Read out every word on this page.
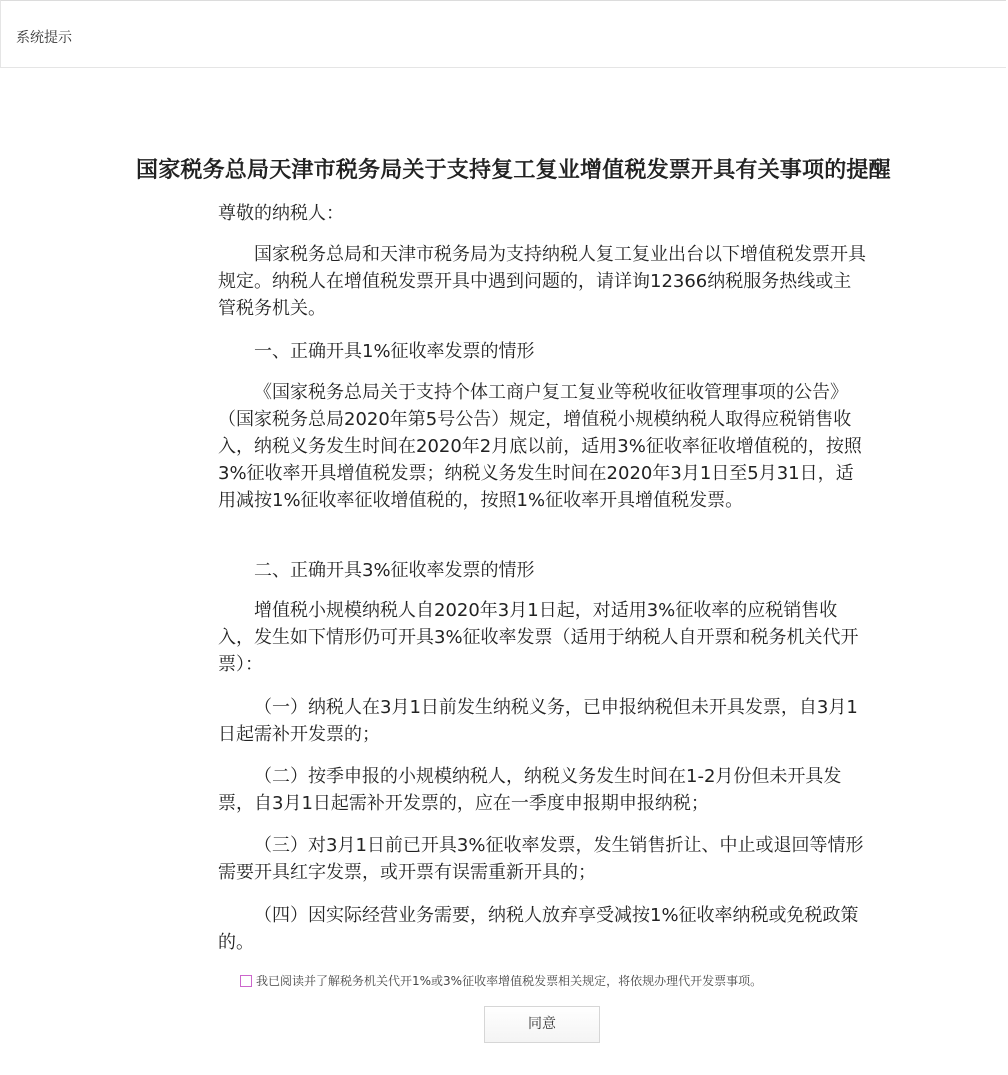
系统提示
国家税务总局天津市税务局关于支持复工复业增值税发票开具有关事项的提醒

尊敬的纳税人：

国家税务总局和天津市税务局为支持纳税人复工复业出台以下增值税发票开具规定。纳税人在增值税发票开具中遇到问题的，请详询12366纳税服务热线或主管税务机关。

一、正确开具1%征收率发票的情形

《国家税务总局关于支持个体工商户复工复业等税收征收管理事项的公告》（国家税务总局2020年第5号公告）规定，增值税小规模纳税人取得应税销售收入，纳税义务发生时间在2020年2月底以前，适用3%征收率征收增值税的，按照3%征收率开具增值税发票；纳税义务发生时间在2020年3月1日至5月31日，适用减按1%征收率征收增值税的，按照1%征收率开具增值税发票。

二、正确开具3%征收率发票的情形

增值税小规模纳税人自2020年3月1日起，对适用3%征收率的应税销售收入，发生如下情形仍可开具3%征收率发票（适用于纳税人自开票和税务机关代开票）：

（一）纳税人在3月1日前发生纳税义务，已申报纳税但未开具发票，自3月1日起需补开发票的；

（二）按季申报的小规模纳税人，纳税义务发生时间在1-2月份但未开具发票，自3月1日起需补开发票的，应在一季度申报期申报纳税；

（三）对3月1日前已开具3%征收率发票，发生销售折让、中止或退回等情形需要开具红字发票，或开票有误需重新开具的；

（四）因实际经营业务需要，纳税人放弃享受减按1%征收率纳税或免税政策的。

我已阅读并了解税务机关代开1%或3%征收率增值税发票相关规定，将依规办理代开发票事项。
同意
